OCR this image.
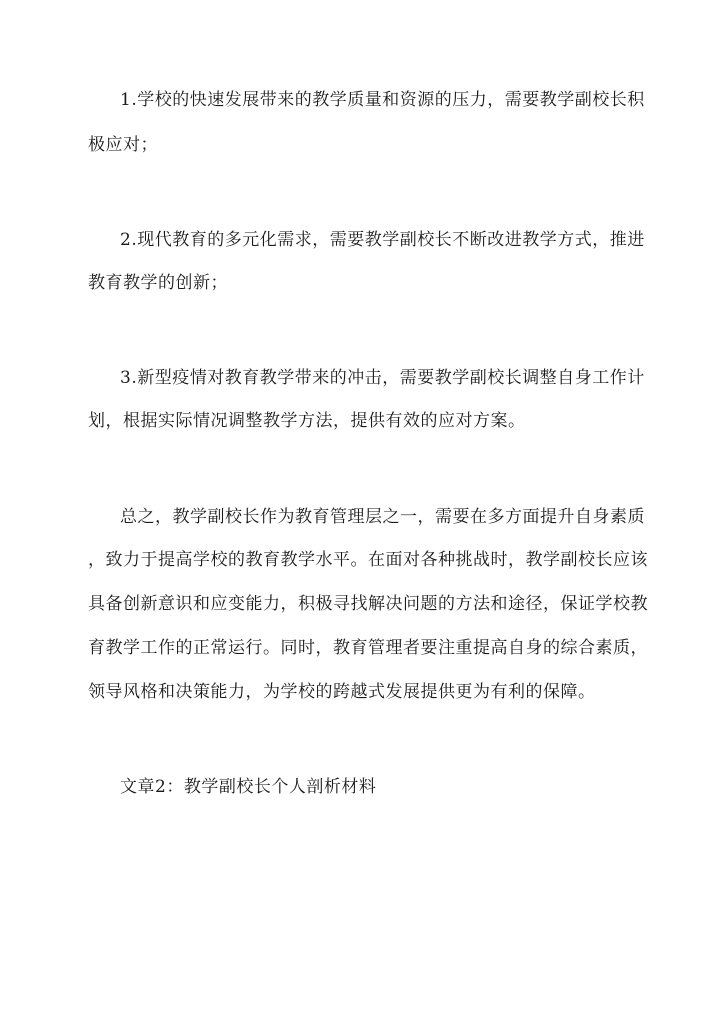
1.学校的快速发展带来的教学质量和资源的压力，需要教学副校长积
极应对；
2.现代教育的多元化需求，需要教学副校长不断改进教学方式，推进
教育教学的创新；
3.新型疫情对教育教学带来的冲击，需要教学副校长调整自身工作计
划，根据实际情况调整教学方法，提供有效的应对方案。
总之，教学副校长作为教育管理层之一，需要在多方面提升自身素质
，致力于提高学校的教育教学水平。在面对各种挑战时，教学副校长应该
具备创新意识和应变能力，积极寻找解决问题的方法和途径，保证学校教
育教学工作的正常运行。同时，教育管理者要注重提高自身的综合素质，
领导风格和决策能力，为学校的跨越式发展提供更为有利的保障。
文章2：教学副校长个人剖析材料
